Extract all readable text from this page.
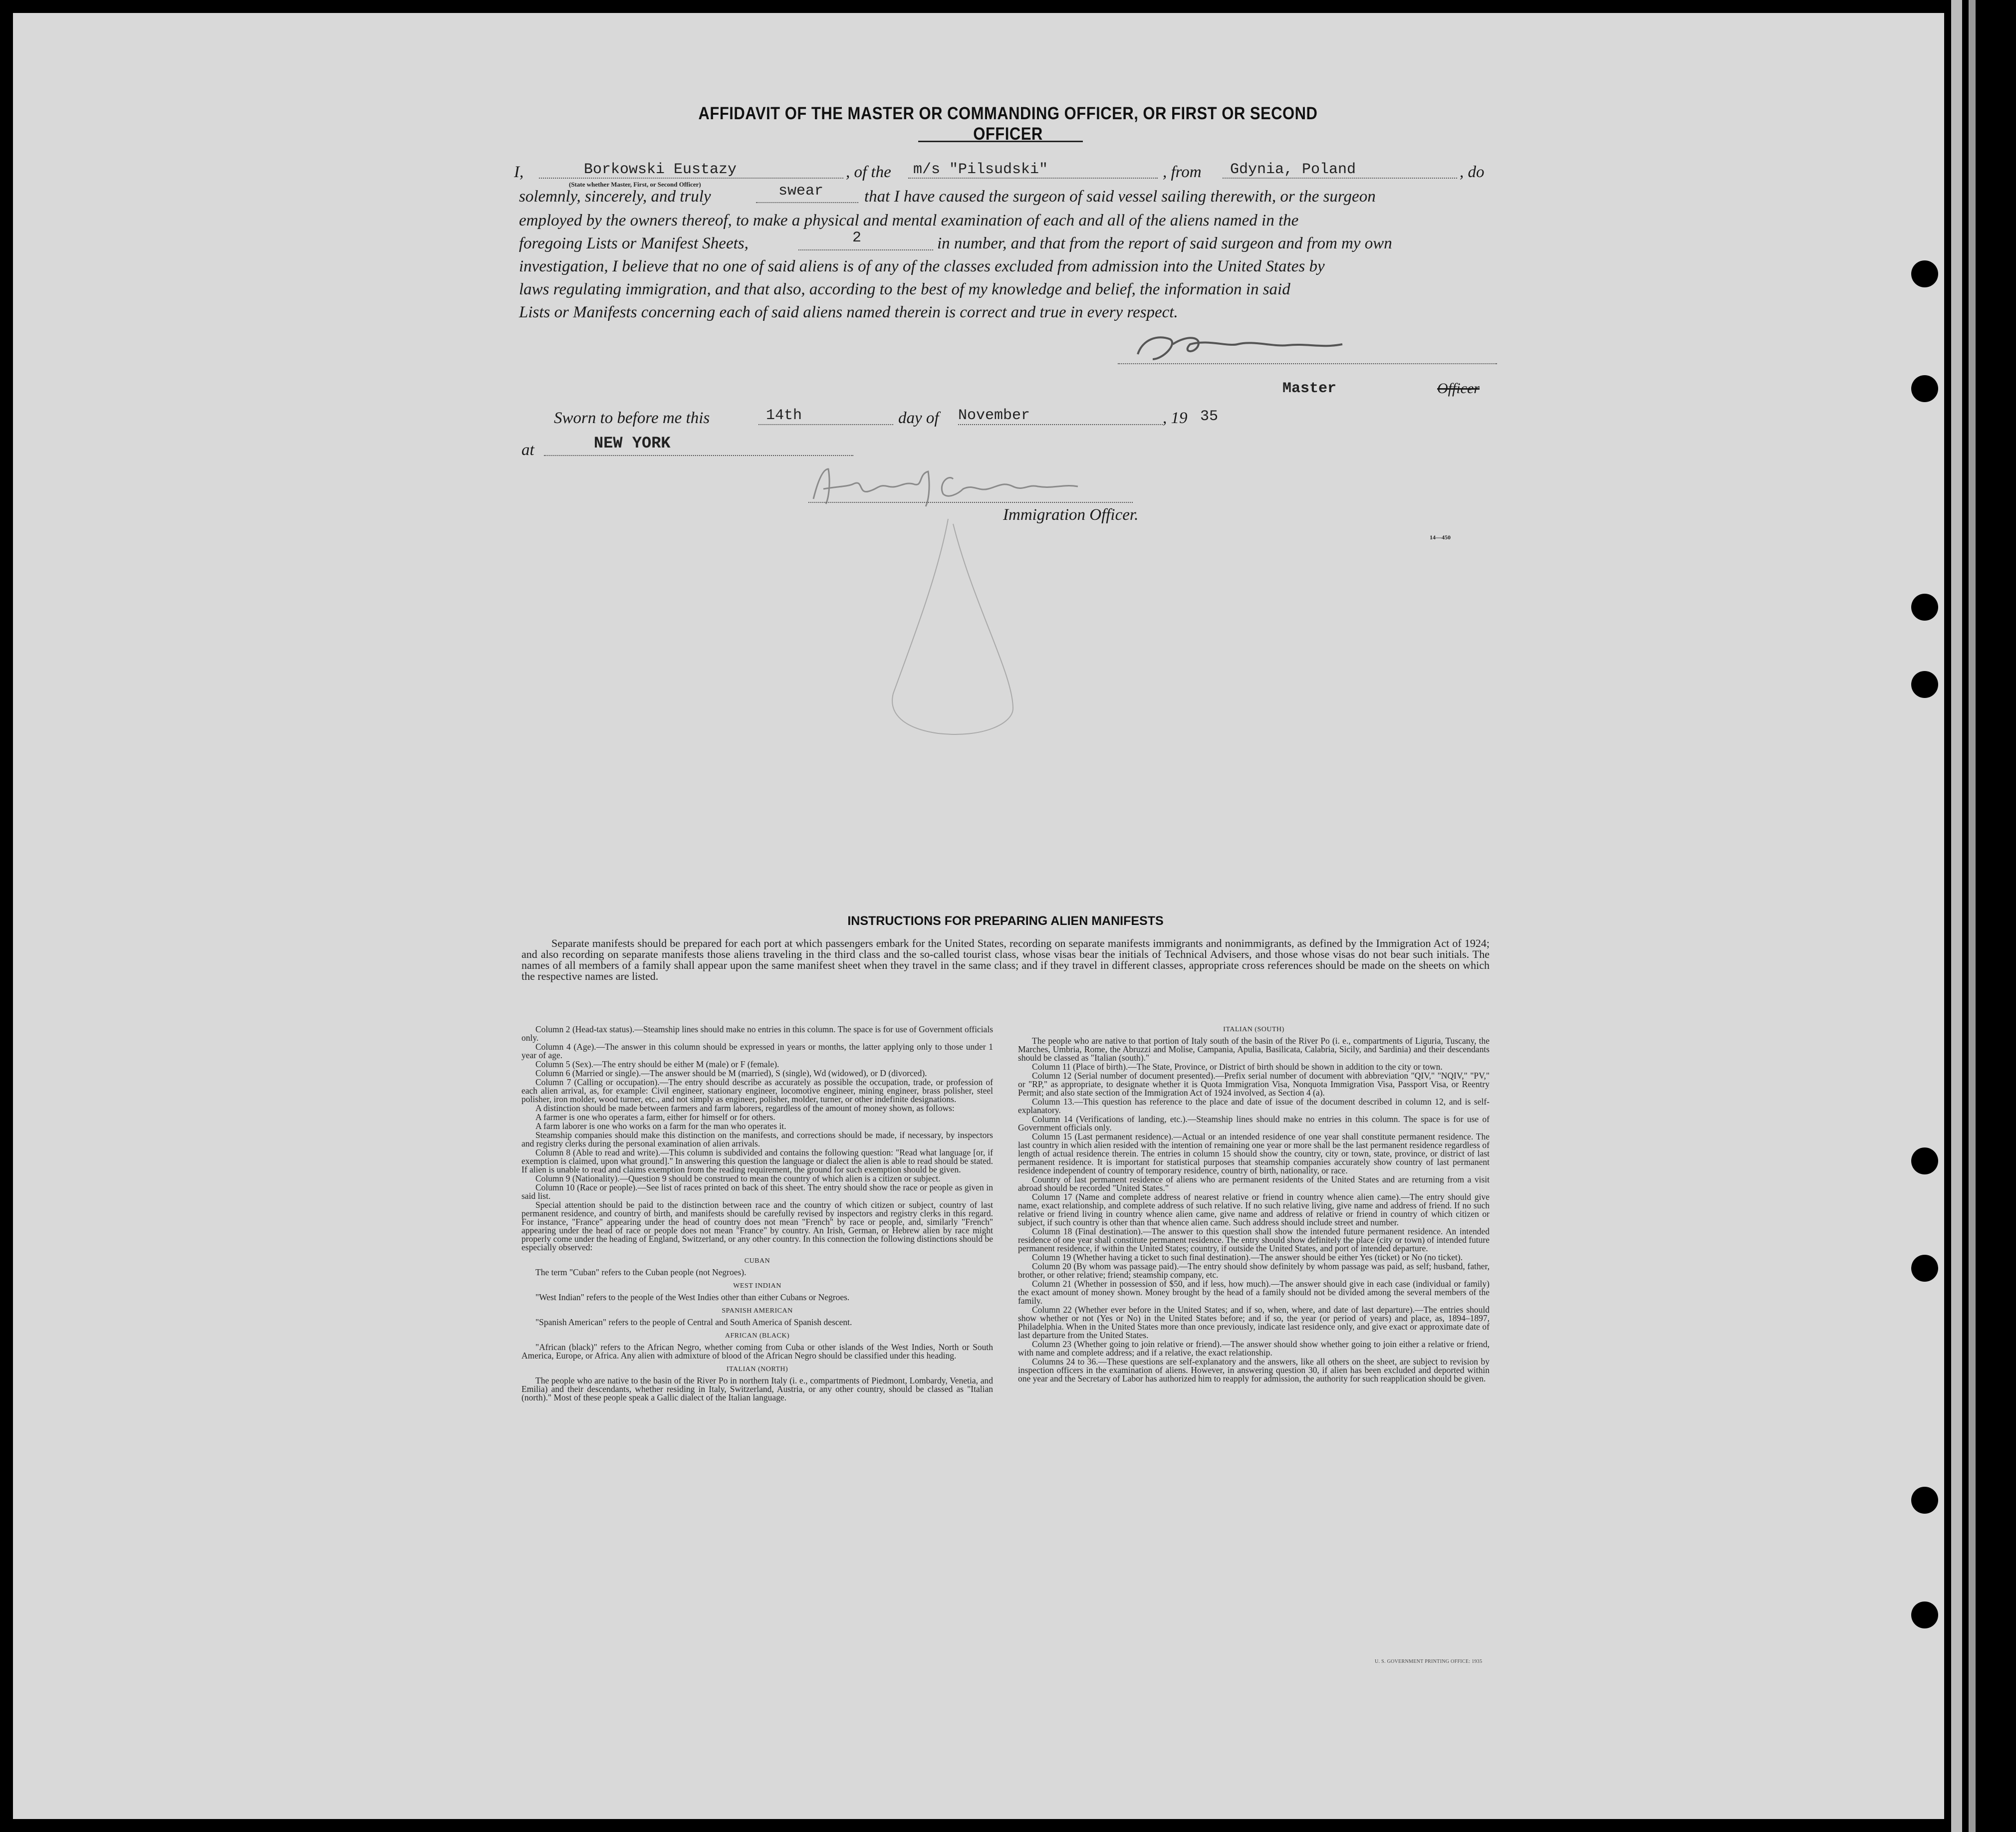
AFFIDAVIT OF THE MASTER OR COMMANDING OFFICER, OR FIRST OR SECOND OFFICER
I,	Borkowski Eustazy
(State whether Master, First, or Second Officer)
, of the m/s "Pilsudski"	, from Gdynia, Poland	, do
solemnly, sincerely, and truly	swear that I have caused the surgeon of said vessel sailing therewith, or the surgeon
employed by the owners thereof, to make a physical and mental examination of each and all of the aliens named in the
foregoing Lists or Manifest Sheets,	2	in number, and that from the report of said surgeon and from my own
investigation, I believe that no one of said aliens is of any of the classes excluded from admission into the United States by
laws regulating immigration, and that also, according to the best of my knowledge and belief, the information in said
Lists or Manifests concerning each of said aliens named therein is correct and true in every respect.
Master	Officer
Sworn to before me this	14th	day of November	, 19 35
at	NEW YORK
Immigration Officer.
14—450
INSTRUCTIONS FOR PREPARING ALIEN MANIFESTS
Separate manifests should be prepared for each port at which passengers embark for the United States, recording on separate manifests immigrants and nonimmigrants, as defined by the Immigration Act of 1924; and also recording on separate manifests those aliens traveling in the third class and the so-called tourist class, whose visas bear the initials of Technical Advisers, and those whose visas do not bear such initials. The names of all members of a family shall appear upon the same manifest sheet when they travel in the same class; and if they travel in different classes, appropriate cross references should be made on the sheets on which the respective names are listed.

Column 2 (Head-tax status).—Steamship lines should make no entries in this column. The space is for use of Government officials only.

Column 4 (Age).—The answer in this column should be expressed in years or months, the latter applying only to those under 1 year of age.

Column 5 (Sex).—The entry should be either M (male) or F (female).

Column 6 (Married or single).—The answer should be M (married), S (single), Wd (widowed), or D (divorced).

Column 7 (Calling or occupation).—The entry should describe as accurately as possible the occupation, trade, or profession of each alien arrival, as, for example: Civil engineer, stationary engineer, locomotive engineer, mining engineer, brass polisher, steel polisher, iron molder, wood turner, etc., and not simply as engineer, polisher, molder, turner, or other indefinite designations.

A distinction should be made between farmers and farm laborers, regardless of the amount of money shown, as follows:

A farmer is one who operates a farm, either for himself or for others.

A farm laborer is one who works on a farm for the man who operates it.

Steamship companies should make this distinction on the manifests, and corrections should be made, if necessary, by inspectors and registry clerks during the personal examination of alien arrivals.

Column 8 (Able to read and write).—This column is subdivided and contains the following question: "Read what language [or, if exemption is claimed, upon what ground]." In answering this question the language or dialect the alien is able to read should be stated. If alien is unable to read and claims exemption from the reading requirement, the ground for such exemption should be given.

Column 9 (Nationality).—Question 9 should be construed to mean the country of which alien is a citizen or subject.

Column 10 (Race or people).—See list of races printed on back of this sheet. The entry should show the race or people as given in said list.

Special attention should be paid to the distinction between race and the country of which citizen or subject, country of last permanent residence, and country of birth, and manifests should be carefully revised by inspectors and registry clerks in this regard. For instance, "France" appearing under the head of country does not mean "French" by race or people, and, similarly "French" appearing under the head of race or people does not mean "France" by country. An Irish, German, or Hebrew alien by race might properly come under the heading of England, Switzerland, or any other country. In this connection the following distinctions should be especially observed:

CUBAN

The term "Cuban" refers to the Cuban people (not Negroes).

WEST INDIAN

"West Indian" refers to the people of the West Indies other than either Cubans or Negroes.

SPANISH AMERICAN

"Spanish American" refers to the people of Central and South America of Spanish descent.

AFRICAN (BLACK)

"African (black)" refers to the African Negro, whether coming from Cuba or other islands of the West Indies, North or South America, Europe, or Africa. Any alien with admixture of blood of the African Negro should be classified under this heading.

ITALIAN (NORTH)

The people who are native to the basin of the River Po in northern Italy (i. e., compartments of Piedmont, Lombardy, Venetia, and Emilia) and their descendants, whether residing in Italy, Switzerland, Austria, or any other country, should be classed as "Italian (north)." Most of these people speak a Gallic dialect of the Italian language.

ITALIAN (SOUTH)

The people who are native to that portion of Italy south of the basin of the River Po (i. e., compartments of Liguria, Tuscany, the Marches, Umbria, Rome, the Abruzzi and Molise, Campania, Apulia, Basilicata, Calabria, Sicily, and Sardinia) and their descendants should be classed as "Italian (south)."

Column 11 (Place of birth).—The State, Province, or District of birth should be shown in addition to the city or town.

Column 12 (Serial number of document presented).—Prefix serial number of document with abbreviation "QIV," "NQIV," "PV," or "RP," as appropriate, to designate whether it is Quota Immigration Visa, Nonquota Immigration Visa, Passport Visa, or Reentry Permit; and also state section of the Immigration Act of 1924 involved, as Section 4 (a).

Column 13.—This question has reference to the place and date of issue of the document described in column 12, and is self-explanatory.

Column 14 (Verifications of landing, etc.).—Steamship lines should make no entries in this column. The space is for use of Government officials only.

Column 15 (Last permanent residence).—Actual or an intended residence of one year shall constitute permanent residence. The last country in which alien resided with the intention of remaining one year or more shall be the last permanent residence regardless of length of actual residence therein. The entries in column 15 should show the country, city or town, state, province, or district of last permanent residence. It is important for statistical purposes that steamship companies accurately show country of last permanent residence independent of country of temporary residence, country of birth, nationality, or race.

Country of last permanent residence of aliens who are permanent residents of the United States and are returning from a visit abroad should be recorded "United States."

Column 17 (Name and complete address of nearest relative or friend in country whence alien came).—The entry should give name, exact relationship, and complete address of such relative. If no such relative living, give name and address of friend. If no such relative or friend living in country whence alien came, give name and address of relative or friend in country of which citizen or subject, if such country is other than that whence alien came. Such address should include street and number.

Column 18 (Final destination).—The answer to this question shall show the intended future permanent residence. An intended residence of one year shall constitute permanent residence. The entry should show definitely the place (city or town) of intended future permanent residence, if within the United States; country, if outside the United States, and port of intended departure.

Column 19 (Whether having a ticket to such final destination).—The answer should be either Yes (ticket) or No (no ticket).

Column 20 (By whom was passage paid).—The entry should show definitely by whom passage was paid, as self; husband, father, brother, or other relative; friend; steamship company, etc.

Column 21 (Whether in possession of $50, and if less, how much).—The answer should give in each case (individual or family) the exact amount of money shown. Money brought by the head of a family should not be divided among the several members of the family.

Column 22 (Whether ever before in the United States; and if so, when, where, and date of last departure).—The entries should show whether or not (Yes or No) in the United States before; and if so, the year (or period of years) and place, as, 1894–1897, Philadelphia. When in the United States more than once previously, indicate last residence only, and give exact or approximate date of last departure from the United States.

Column 23 (Whether going to join relative or friend).—The answer should show whether going to join either a relative or friend, with name and complete address; and if a relative, the exact relationship.

Columns 24 to 36.—These questions are self-explanatory and the answers, like all others on the sheet, are subject to revision by inspection officers in the examination of aliens. However, in answering question 30, if alien has been excluded and deported within one year and the Secretary of Labor has authorized him to reapply for admission, the authority for such reapplication should be given.

U. S. GOVERNMENT PRINTING OFFICE: 1935
